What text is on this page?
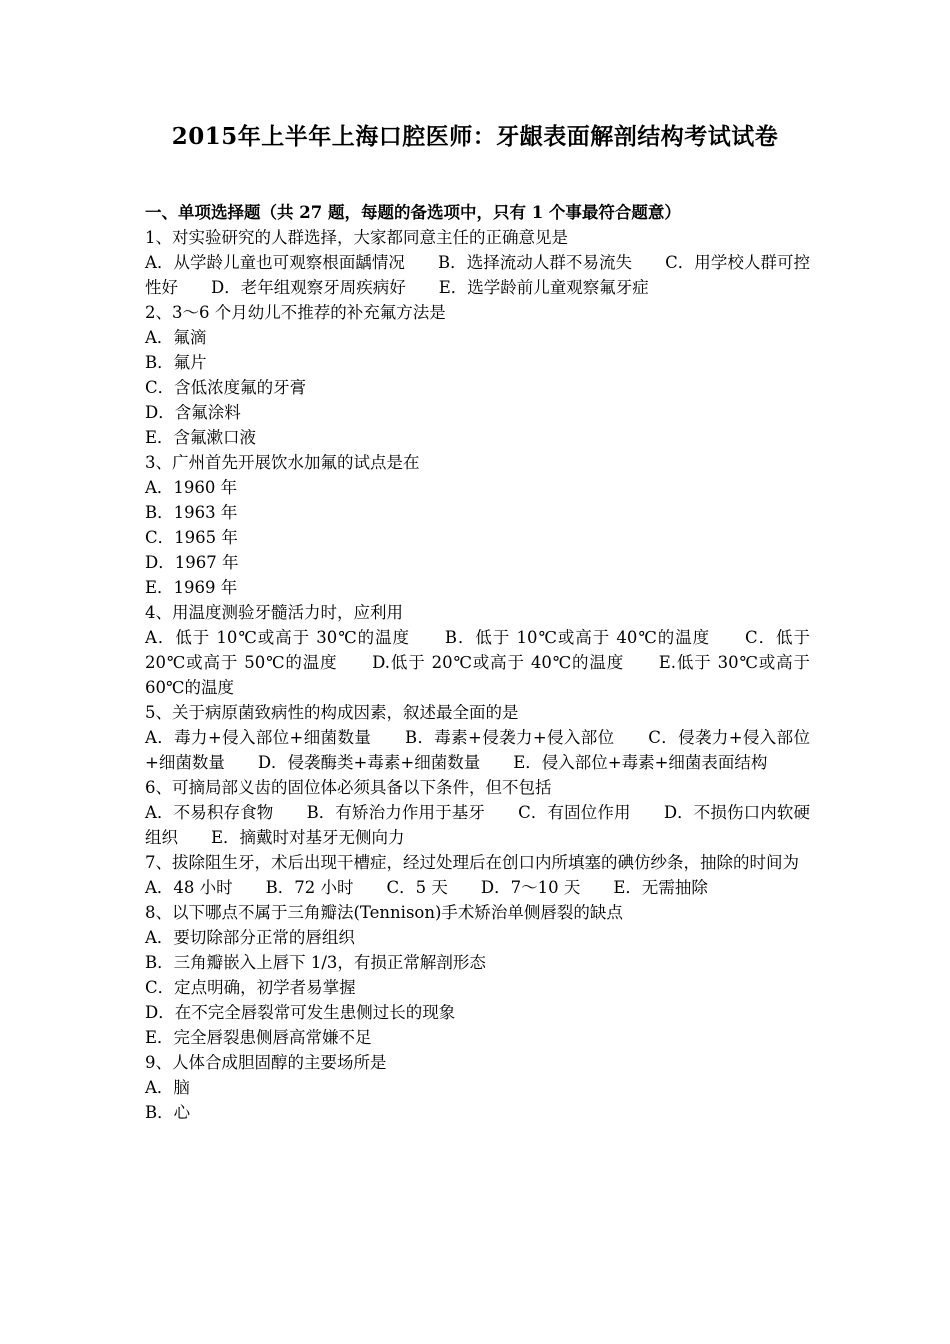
2015年上半年上海口腔医师：牙龈表面解剖结构考试试卷
一、单项选择题（共 27 题，每题的备选项中，只有 1 个事最符合题意）
1、对实验研究的人群选择，大家都同意主任的正确意见是
A．从学龄儿童也可观察根面龋情况　　B．选择流动人群不易流失　　C．用学校人群可控性好　　D．老年组观察牙周疾病好　　E．选学龄前儿童观察氟牙症
2、3～6 个月幼儿不推荐的补充氟方法是
A．氟滴
B．氟片
C．含低浓度氟的牙膏
D．含氟涂料
E．含氟漱口液
3、广州首先开展饮水加氟的试点是在
A．1960 年
B．1963 年
C．1965 年
D．1967 年
E．1969 年
4、用温度测验牙髓活力时，应利用
A．低于 10℃或高于 30℃的温度　　B．低于 10℃或高于 40℃的温度　　C．低于 20℃或高于 50℃的温度　　D.低于 20℃或高于 40℃的温度　　E.低于 30℃或高于 60℃的温度
5、关于病原菌致病性的构成因素，叙述最全面的是
A．毒力+侵入部位+细菌数量　　B．毒素+侵袭力+侵入部位　　C．侵袭力+侵入部位+细菌数量　　D．侵袭酶类+毒素+细菌数量　　E．侵入部位+毒素+细菌表面结构
6、可摘局部义齿的固位体必须具备以下条件，但不包括
A．不易积存食物　　B．有矫治力作用于基牙　　C．有固位作用　　D．不损伤口内软硬组织　　E．摘戴时对基牙无侧向力
7、拔除阻生牙，术后出现干槽症，经过处理后在创口内所填塞的碘仿纱条，抽除的时间为
A．48 小时　　B．72 小时　　C．5 天　　D．7～10 天　　E．无需抽除
8、以下哪点不属于三角瓣法(Tennison)手术矫治单侧唇裂的缺点
A．要切除部分正常的唇组织
B．三角瓣嵌入上唇下 1/3，有损正常解剖形态
C．定点明确，初学者易掌握
D．在不完全唇裂常可发生患侧过长的现象
E．完全唇裂患侧唇高常嫌不足
9、人体合成胆固醇的主要场所是
A．脑
B．心
